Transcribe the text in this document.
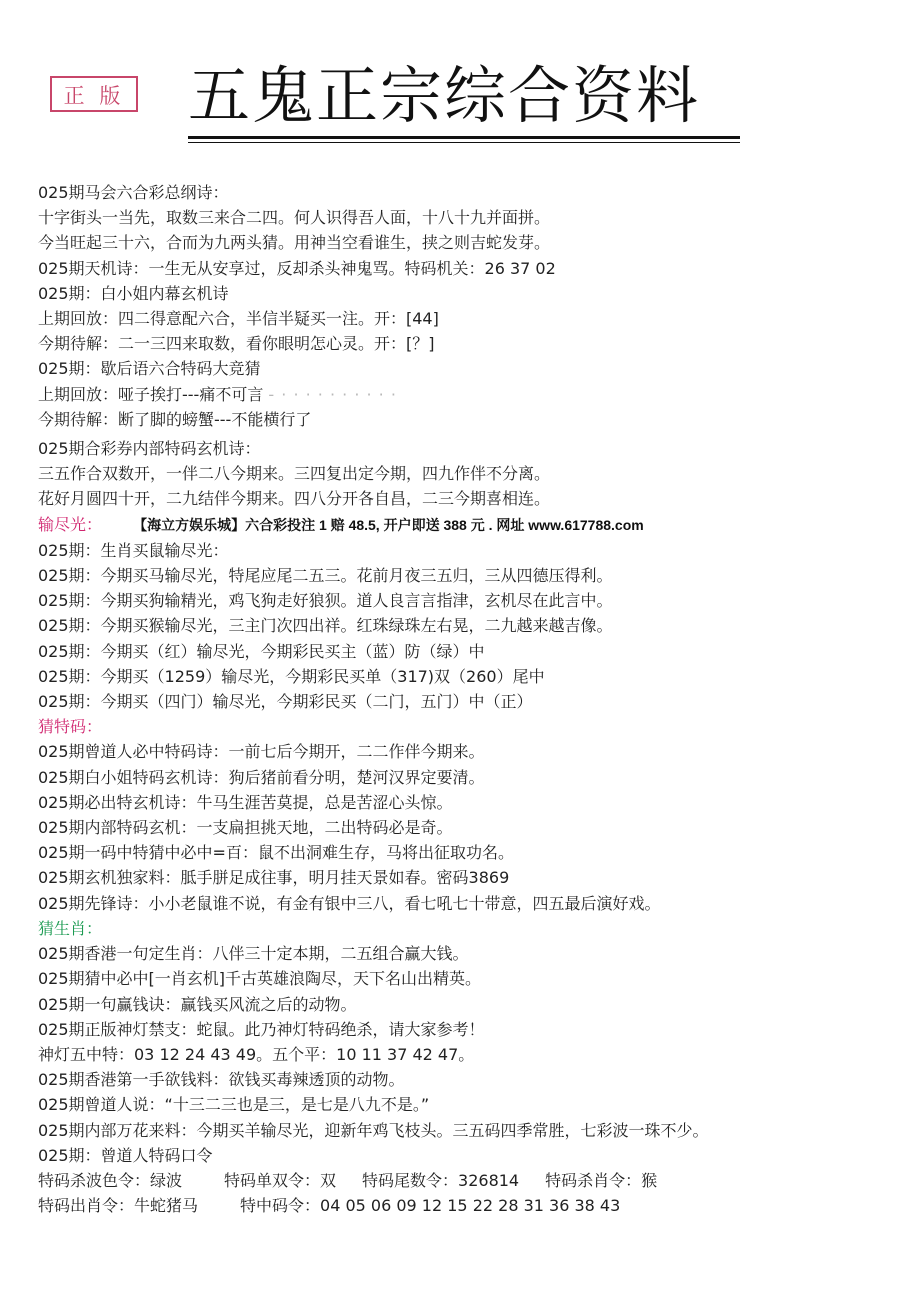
正 版 五鬼正宗综合资料
025期马会六合彩总纲诗：
十字街头一当先，取数三来合二四。何人识得吾人面，十八十九并面拼。
今当旺起三十六，合而为九两头猜。用神当空看谁生，挟之则吉蛇发芽。
025期天机诗：一生无从安享过，反却杀头神鬼骂。特码机关：26 37 02
025期：白小姐内幕玄机诗
上期回放：四二得意配六合，半信半疑买一注。开：[44]
今期待解：二一三四来取数，看你眼明怎心灵。开：[？]
025期：歇后语六合特码大竞猜
上期回放：哑子挨打---痛不可言 - · · · · · · · · · ·
今期待解：断了脚的螃蟹---不能横行了
025期合彩券内部特码玄机诗：
三五作合双数开，一伴二八今期来。三四复出定今期，四九作伴不分离。
花好月圆四十开，二九结伴今期来。四八分开各自昌，二三今期喜相连。
输尽光： 【海立方娱乐城】六合彩投注 1 赔 48.5, 开户即送 388 元 . 网址 www.617788.com
025期：生肖买鼠输尽光：
025期：今期买马输尽光，特尾应尾二五三。花前月夜三五归，三从四德压得利。
025期：今期买狗输精光，鸡飞狗走好狼狈。道人良言言指津，玄机尽在此言中。
025期：今期买猴输尽光，三主门次四出祥。红珠绿珠左右晃，二九越来越吉像。
025期：今期买（红）输尽光，今期彩民买主（蓝）防（绿）中
025期：今期买（1259）输尽光，今期彩民买单（317)双（260）尾中
025期：今期买（四门）输尽光，今期彩民买（二门，五门）中（正）
猜特码：
025期曾道人必中特码诗：一前七后今期开，二二作伴今期来。
025期白小姐特码玄机诗：狗后猪前看分明，楚河汉界定要清。
025期必出特玄机诗：牛马生涯苦莫提，总是苦涩心头惊。
025期内部特码玄机：一支扁担挑天地，二出特码必是奇。
025期一码中特猜中必中=百：鼠不出洞难生存，马将出征取功名。
025期玄机独家料：胝手胼足成往事，明月挂天景如春。密码3869
025期先锋诗：小小老鼠谁不说，有金有银中三八，看七吼七十带意，四五最后演好戏。
猜生肖：
025期香港一句定生肖：八伴三十定本期，二五组合赢大钱。
025期猜中必中[一肖玄机]千古英雄浪陶尽，天下名山出精英。
025期一句赢钱诀：赢钱买风流之后的动物。
025期正版神灯禁支：蛇鼠。此乃神灯特码绝杀，请大家参考！
神灯五中特：03 12 24 43 49。五个平：10 11 37 42 47。
025期香港第一手欲钱料：欲钱买毒辣透顶的动物。
025期曾道人说：“十三二三也是三，是七是八九不是。”
025期内部万花来料：今期买羊输尽光，迎新年鸡飞枝头。三五码四季常胜，七彩波一珠不少。
025期：曾道人特码口令
特码杀波色令：绿波	特码单双令：双 特码尾数令：326814 特码杀肖令：猴
特码出肖令：牛蛇猪马	特中码令：04 05 06 09 12 15 22 28 31 36 38 43
